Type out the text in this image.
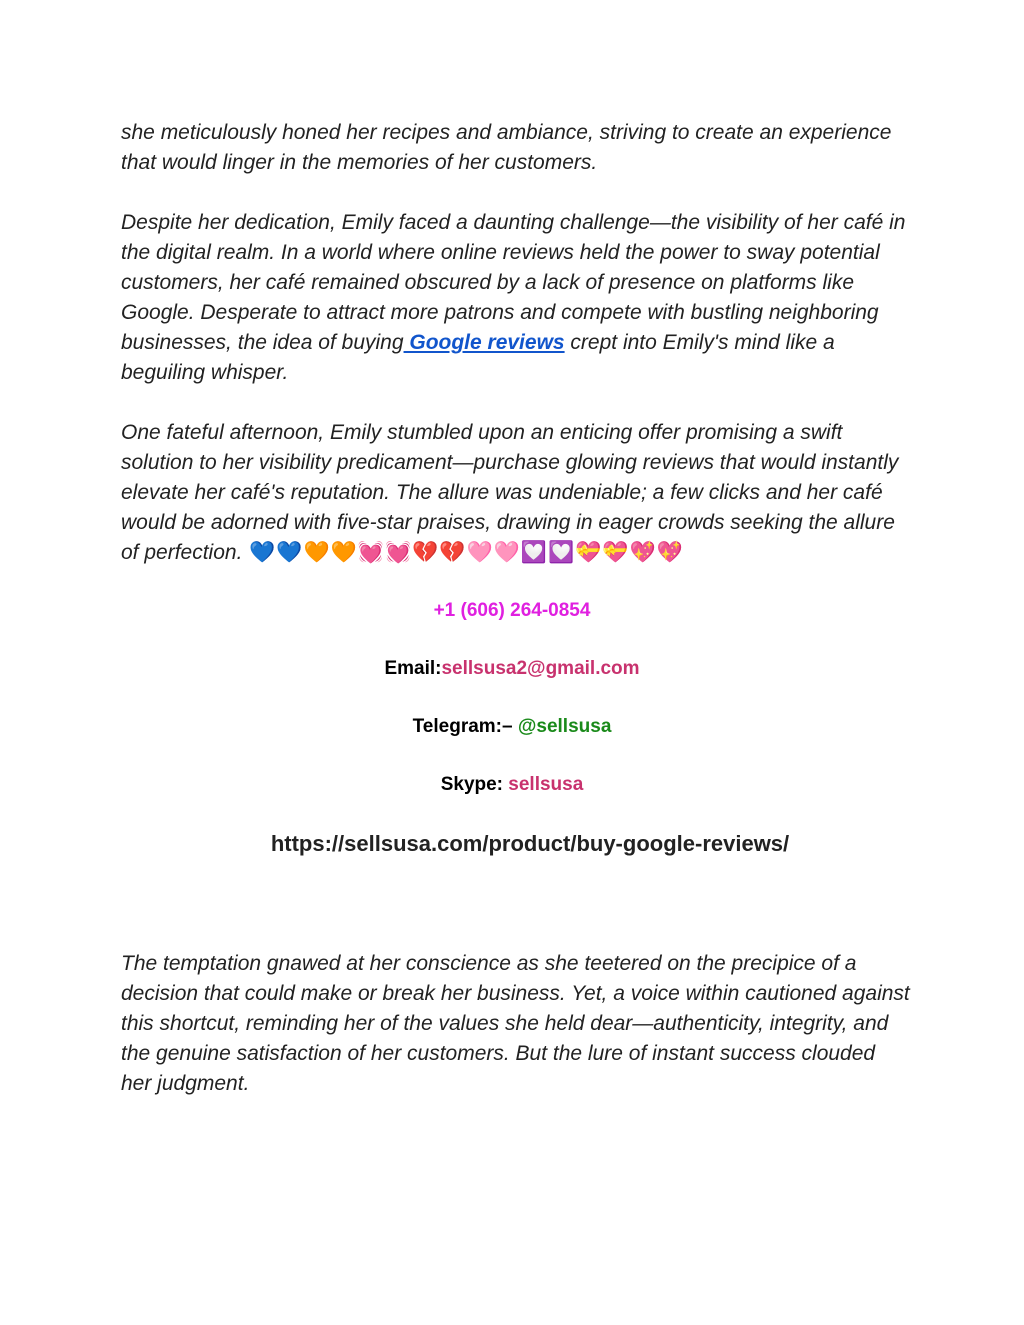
she meticulously honed her recipes and ambiance, striving to create an experience that would linger in the memories of her customers.

Despite her dedication, Emily faced a daunting challenge—the visibility of her café in the digital realm. In a world where online reviews held the power to sway potential customers, her café remained obscured by a lack of presence on platforms like Google. Desperate to attract more patrons and compete with bustling neighboring businesses, the idea of buying Google reviews crept into Emily's mind like a beguiling whisper.

One fateful afternoon, Emily stumbled upon an enticing offer promising a swift solution to her visibility predicament—purchase glowing reviews that would instantly elevate her café's reputation. The allure was undeniable; a few clicks and her café would be adorned with five-star praises, drawing in eager crowds seeking the allure of perfection. 💙💙🧡🧡💓💓💔💔🩷🩷💟💟💝💝💖💖

+1 (606) 264-0854

Email:sellsusa2@gmail.com

Telegram:– @sellsusa

Skype: sellsusa

https://sellsusa.com/product/buy-google-reviews/

The temptation gnawed at her conscience as she teetered on the precipice of a decision that could make or break her business. Yet, a voice within cautioned against this shortcut, reminding her of the values she held dear—authenticity, integrity, and the genuine satisfaction of her customers. But the lure of instant success clouded her judgment.
